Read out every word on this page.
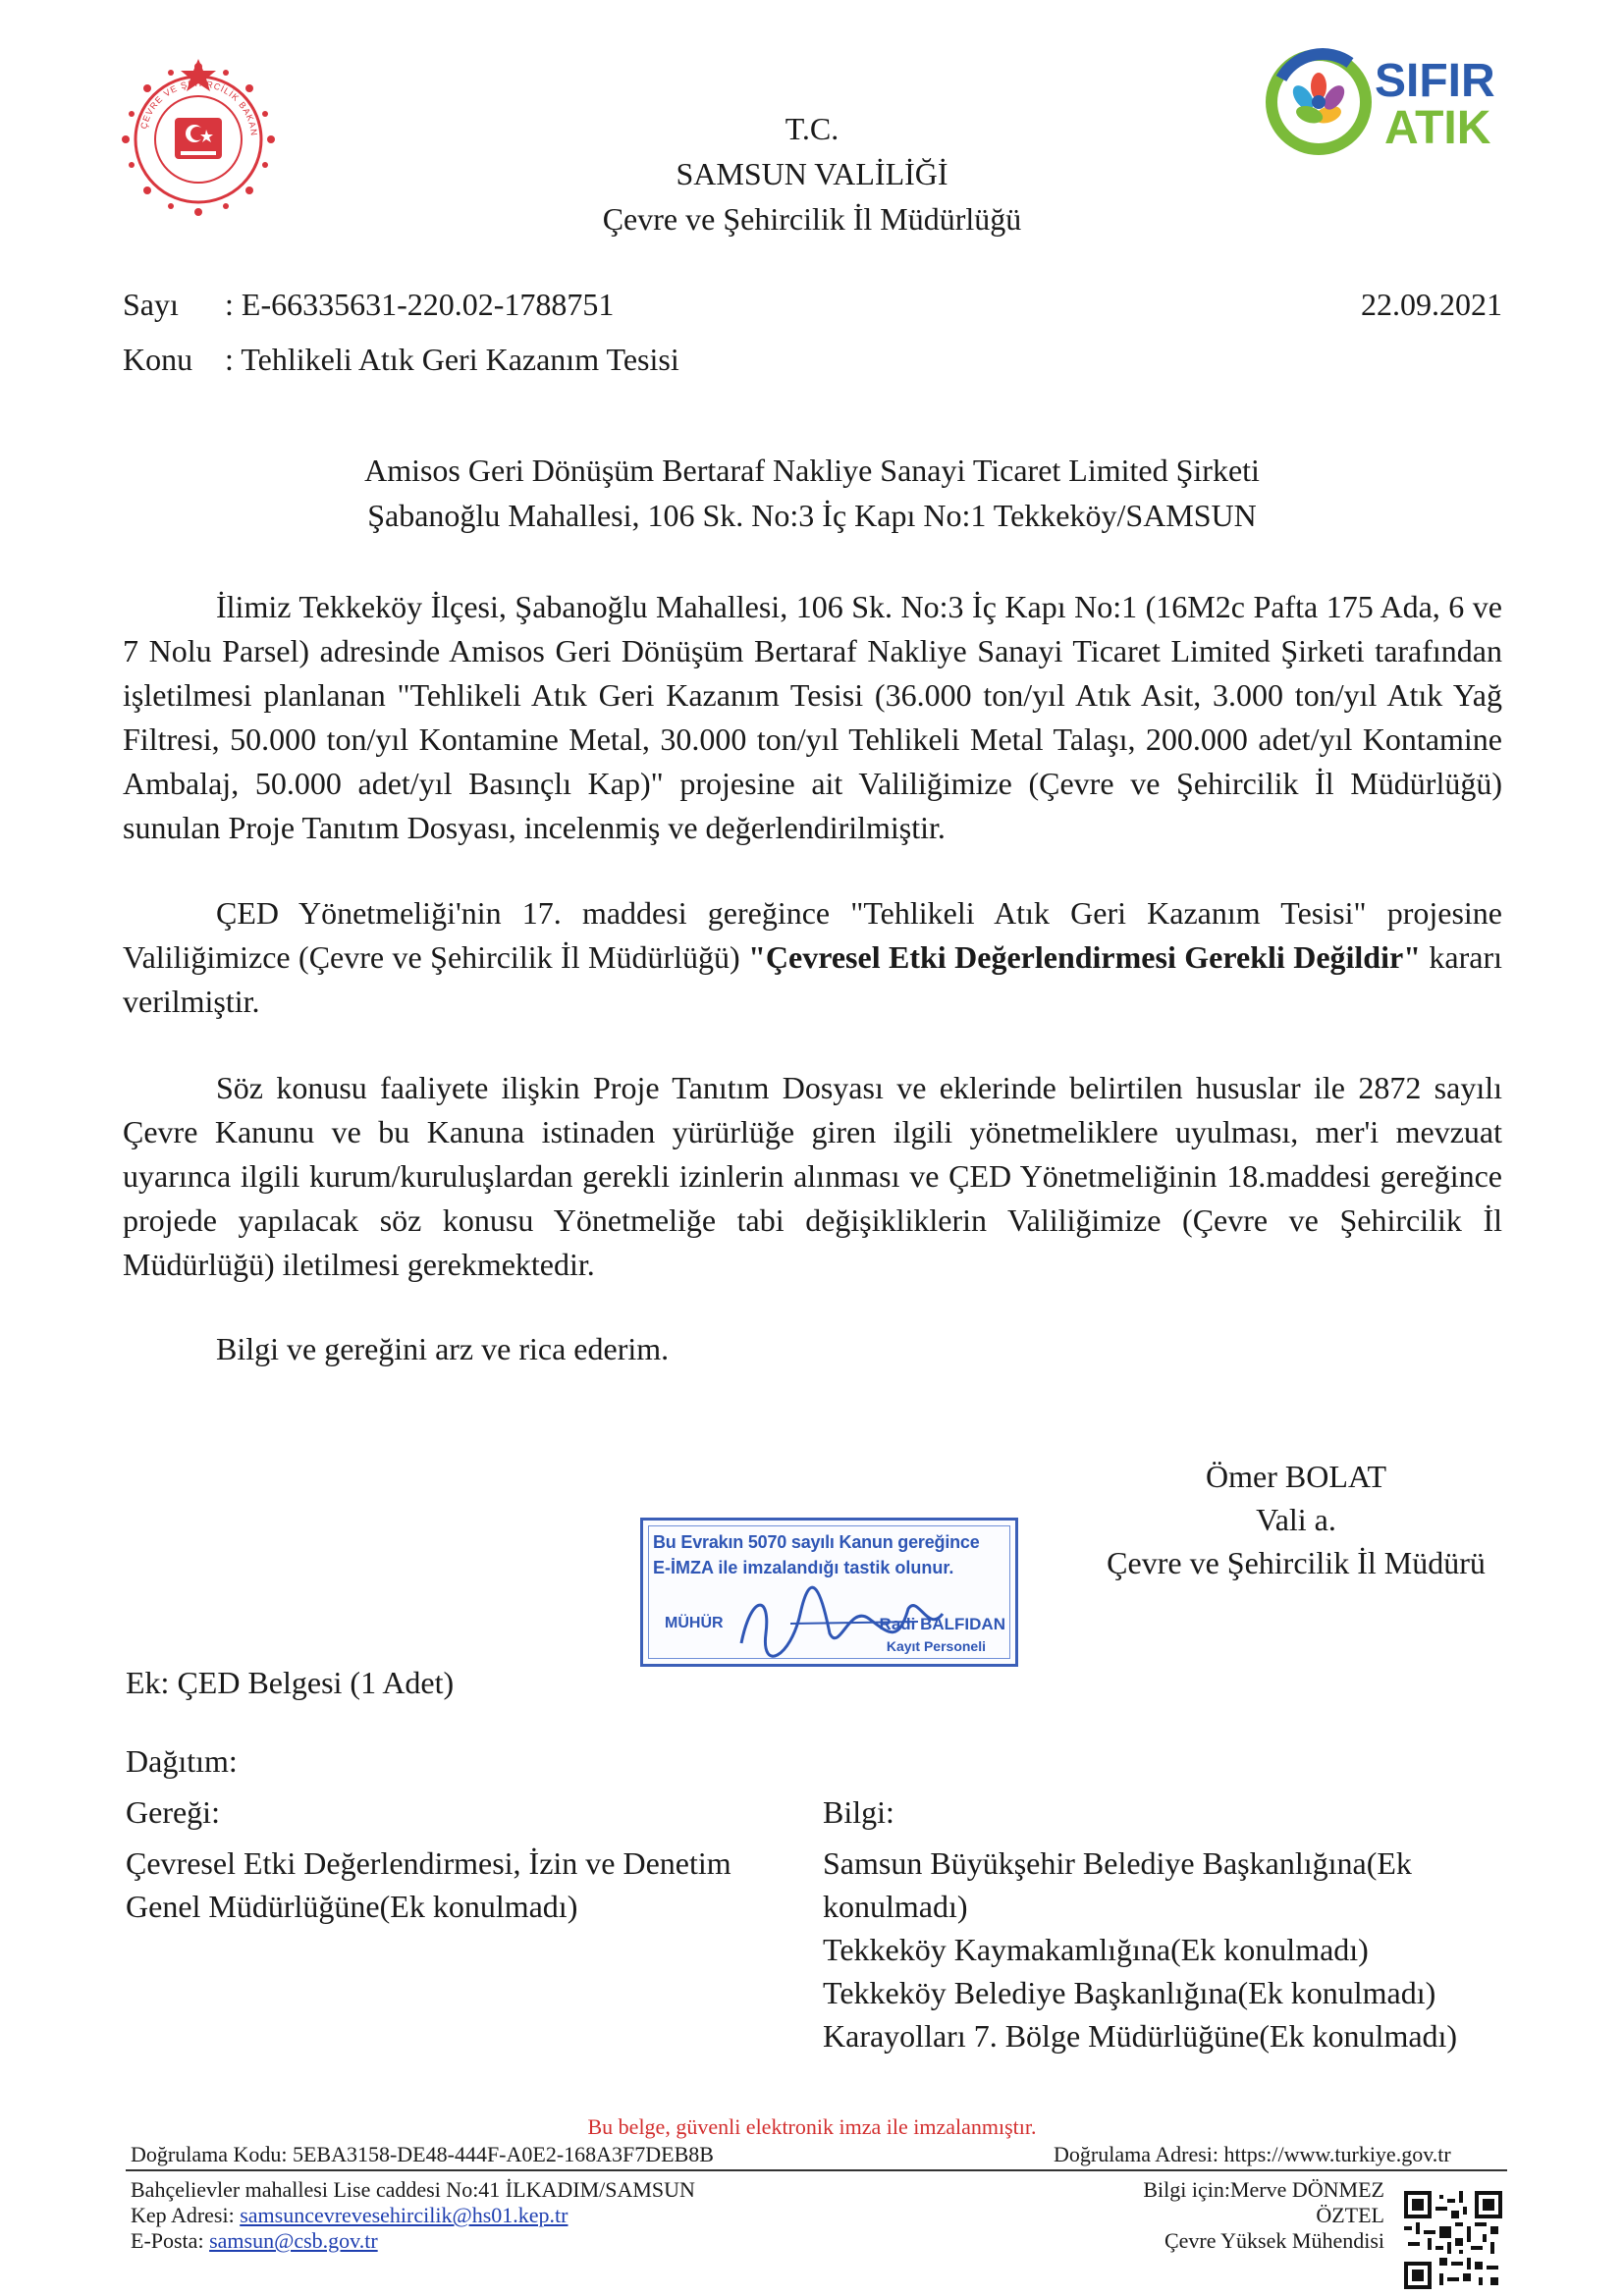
ÇEVRE VE ŞEHİRCİLİK BAKAN
SIFIR
ATIK
T.C.
SAMSUN VALİLİĞİ
Çevre ve Şehircilik İl Müdürlüğü
Sayı : E-66335631-220.02-1788751	22.09.2021
Konu : Tehlikeli Atık Geri Kazanım Tesisi
Amisos Geri Dönüşüm Bertaraf Nakliye Sanayi Ticaret Limited Şirketi
Şabanoğlu Mahallesi, 106 Sk. No:3 İç Kapı No:1 Tekkeköy/SAMSUN
İlimiz Tekkeköy İlçesi, Şabanoğlu Mahallesi, 106 Sk. No:3 İç Kapı No:1 (16M2c Pafta 175 Ada, 6 ve 7 Nolu Parsel) adresinde Amisos Geri Dönüşüm Bertaraf Nakliye Sanayi Ticaret Limited Şirketi tarafından işletilmesi planlanan "Tehlikeli Atık Geri Kazanım Tesisi (36.000 ton/yıl Atık Asit, 3.000 ton/yıl Atık Yağ Filtresi, 50.000 ton/yıl Kontamine Metal, 30.000 ton/yıl Tehlikeli Metal Talaşı, 200.000 adet/yıl Kontamine Ambalaj, 50.000 adet/yıl Basınçlı Kap)" projesine ait Valiliğimize (Çevre ve Şehircilik İl Müdürlüğü) sunulan Proje Tanıtım Dosyası, incelenmiş ve değerlendirilmiştir.
ÇED Yönetmeliği'nin 17. maddesi gereğince "Tehlikeli Atık Geri Kazanım Tesisi" projesine Valiliğimizce (Çevre ve Şehircilik İl Müdürlüğü) "Çevresel Etki Değerlendirmesi Gerekli Değildir" kararı verilmiştir.
Söz konusu faaliyete ilişkin Proje Tanıtım Dosyası ve eklerinde belirtilen hususlar ile 2872 sayılı Çevre Kanunu ve bu Kanuna istinaden yürürlüğe giren ilgili yönetmeliklere uyulması, mer'i mevzuat uyarınca ilgili kurum/kuruluşlardan gerekli izinlerin alınması ve ÇED Yönetmeliğinin 18.maddesi gereğince projede yapılacak söz konusu Yönetmeliğe tabi değişikliklerin Valiliğimize (Çevre ve Şehircilik İl Müdürlüğü) iletilmesi gerekmektedir.
Bilgi ve gereğini arz ve rica ederim.
Ömer BOLAT
Vali a.
Çevre ve Şehircilik İl Müdürü
Bu Evrakın 5070 sayılı Kanun gereğince
E-İMZA ile imzalandığı tastik olunur.
MÜHÜR	Radi BALFIDAN
Kayıt Personeli
Ek: ÇED Belgesi (1 Adet)
Dağıtım:
Gereği:
Çevresel Etki Değerlendirmesi, İzin ve Denetim
Genel Müdürlüğüne(Ek konulmadı)
Bilgi:
Samsun Büyükşehir Belediye Başkanlığına(Ek
konulmadı)
Tekkeköy Kaymakamlığına(Ek konulmadı)
Tekkeköy Belediye Başkanlığına(Ek konulmadı)
Karayolları 7. Bölge Müdürlüğüne(Ek konulmadı)
Bu belge, güvenli elektronik imza ile imzalanmıştır.
Doğrulama Kodu: 5EBA3158-DE48-444F-A0E2-168A3F7DEB8B	Doğrulama Adresi: https://www.turkiye.gov.tr
Bahçelievler mahallesi Lise caddesi No:41 İLKADIM/SAMSUN
Kep Adresi: samsuncevrevesehircilik@hs01.kep.tr
E-Posta: samsun@csb.gov.tr
Bilgi için:Merve DÖNMEZ
ÖZTEL
Çevre Yüksek Mühendisi
